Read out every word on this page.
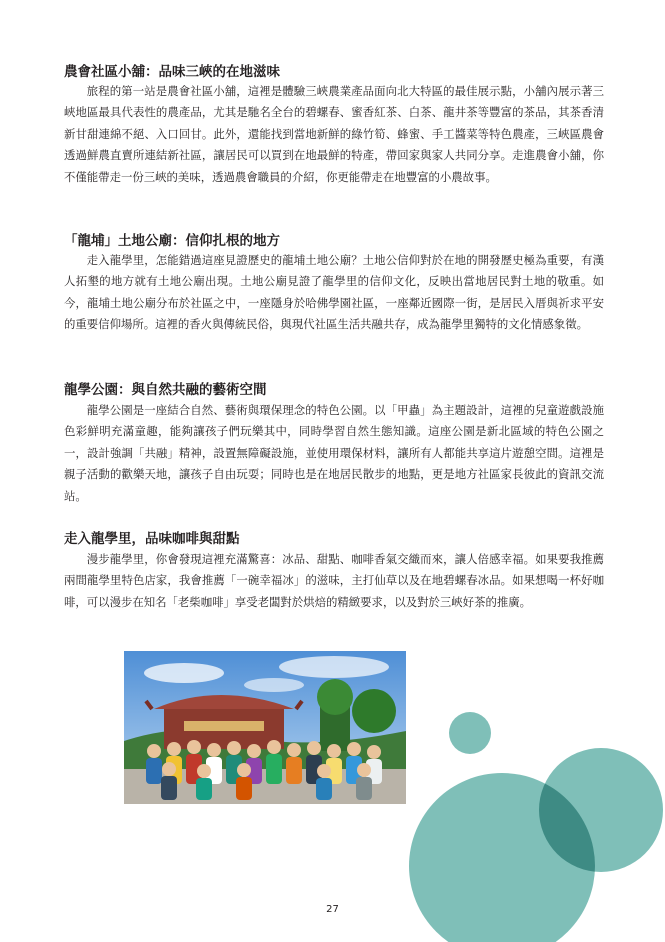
農會社區小舖：品味三峽的在地滋味

旅程的第一站是農會社區小舖，這裡是體驗三峽農業產品面向北大特區的最佳展示點，小舖內展示著三峽地區最具代表性的農產品，尤其是馳名全台的碧螺春、蜜香紅茶、白茶、龍井茶等豐富的茶品，其茶香清新甘甜連綿不絕、入口回甘。此外，還能找到當地新鮮的綠竹筍、蜂蜜、手工醬菜等特色農產，三峽區農會透過鮮農直賣所連結新社區，讓居民可以買到在地最鮮的特產，帶回家與家人共同分享。走進農會小舖，你不僅能帶走一份三峽的美味，透過農會職員的介紹，你更能帶走在地豐富的小農故事。

「龍埔」土地公廟：信仰扎根的地方

走入龍學里，怎能錯過這座見證歷史的龍埔土地公廟？土地公信仰對於在地的開發歷史極為重要，有漢人拓墾的地方就有土地公廟出現。土地公廟見證了龍學里的信仰文化，反映出當地居民對土地的敬重。如今，龍埔土地公廟分布於社區之中，一座隱身於哈佛學園社區，一座鄰近國際一街，是居民入厝與祈求平安的重要信仰場所。這裡的香火與傳統民俗，與現代社區生活共融共存，成為龍學里獨特的文化情感象徵。

龍學公園：與自然共融的藝術空間

龍學公園是一座結合自然、藝術與環保理念的特色公園。以「甲蟲」為主題設計，這裡的兒童遊戲設施色彩鮮明充滿童趣，能夠讓孩子們玩樂其中，同時學習自然生態知識。這座公園是新北區域的特色公園之一，設計強調「共融」精神，設置無障礙設施，並使用環保材料，讓所有人都能共享這片遊憩空間。這裡是親子活動的歡樂天地，讓孩子自由玩耍；同時也是在地居民散步的地點，更是地方社區家長彼此的資訊交流站。

走入龍學里，品味咖啡與甜點

漫步龍學里，你會發現這裡充滿驚喜：冰品、甜點、咖啡香氣交織而來，讓人倍感幸福。如果要我推薦兩間龍學里特色店家，我會推薦「一碗幸福冰」的滋味，主打仙草以及在地碧螺春冰品。如果想喝一杯好咖啡，可以漫步在知名「老柴咖啡」享受老闆對於烘焙的精緻要求，以及對於三峽好茶的推廣。

27
